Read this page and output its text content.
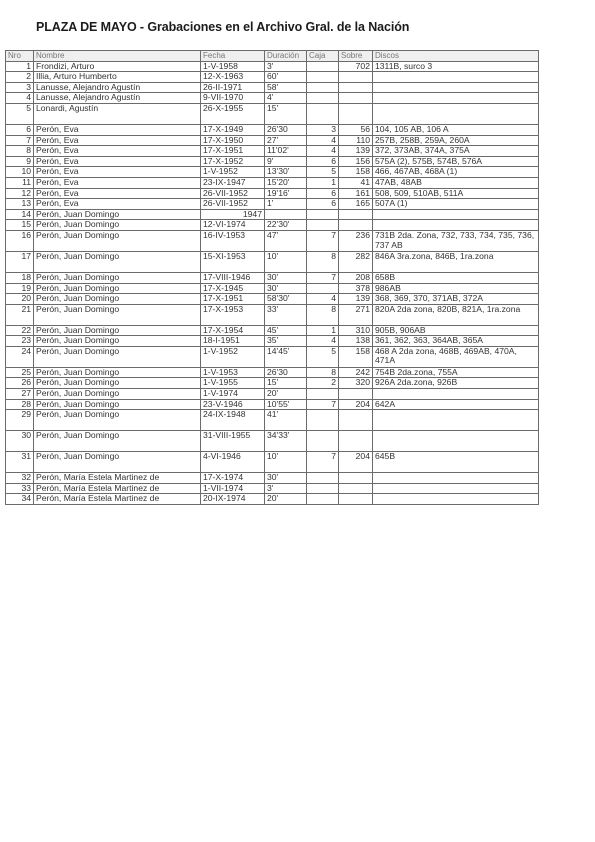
PLAZA DE MAYO - Grabaciones en el Archivo Gral. de la Nación
Nro	Nombre	Fecha	Duración	Caja	Sobre	Discos
1	Frondizi, Arturo	1-V-1958	3'		702	1311B, surco 3
2	Illia, Arturo Humberto	12-X-1963	60'			
3	Lanusse, Alejandro Agustín	26-II-1971	58'			
4	Lanusse, Alejandro Agustín	9-VII-1970	4'			
5	Lonardi, Agustín	26-X-1955	15'			
6	Perón, Eva	17-X-1949	26'30	3	56	104, 105 AB, 106 A
7	Perón, Eva	17-X-1950	27'	4	110	257B, 258B, 259A, 260A
8	Perón, Eva	17-X-1951	11'02'	4	139	372, 373AB, 374A, 375A
9	Perón, Eva	17-X-1952	9'	6	156	575A (2), 575B, 574B, 576A
10	Perón, Eva	1-V-1952	13'30'	5	158	466, 467AB, 468A (1)
11	Perón, Eva	23-IX-1947	15'20'	1	41	47AB, 48AB
12	Perón, Eva	26-VII-1952	19'16'	6	161	508, 509, 510AB, 511A
13	Perón, Eva	26-VII-1952	1'	6	165	507A (1)
14	Perón, Juan Domingo	1947				
15	Perón, Juan Domingo	12-VI-1974	22'30'			
16	Perón, Juan Domingo	16-IV-1953	47'	7	236	731B 2da. Zona, 732, 733, 734, 735, 736, 737 AB
17	Perón, Juan Domingo	15-XI-1953	10'	8	282	846A 3ra.zona, 846B, 1ra.zona
18	Perón, Juan Domingo	17-VIII-1946	30'	7	208	658B
19	Perón, Juan Domingo	17-X-1945	30'		378	986AB
20	Perón, Juan Domingo	17-X-1951	58'30'	4	139	368, 369, 370, 371AB, 372A
21	Perón, Juan Domingo	17-X-1953	33'	8	271	820A 2da zona, 820B, 821A, 1ra.zona
22	Perón, Juan Domingo	17-X-1954	45'	1	310	905B, 906AB
23	Perón, Juan Domingo	18-I-1951	35'	4	138	361, 362, 363, 364AB, 365A
24	Perón, Juan Domingo	1-V-1952	14'45'	5	158	468 A 2da zona, 468B, 469AB, 470A, 471A
25	Perón, Juan Domingo	1-V-1953	26'30	8	242	754B 2da.zona, 755A
26	Perón, Juan Domingo	1-V-1955	15'	2	320	926A 2da.zona, 926B
27	Perón, Juan Domingo	1-V-1974	20'			
28	Perón, Juan Domingo	23-V-1946	10'55'	7	204	642A
29	Perón, Juan Domingo	24-IX-1948	41'			
30	Perón, Juan Domingo	31-VIII-1955	34'33'			
31	Perón, Juan Domingo	4-VI-1946	10'	7	204	645B
32	Perón, María Estela Martinez de	17-X-1974	30'			
33	Perón, María Estela Martinez de	1-VII-1974	3'			
34	Perón, María Estela Martinez de	20-IX-1974	20'			
